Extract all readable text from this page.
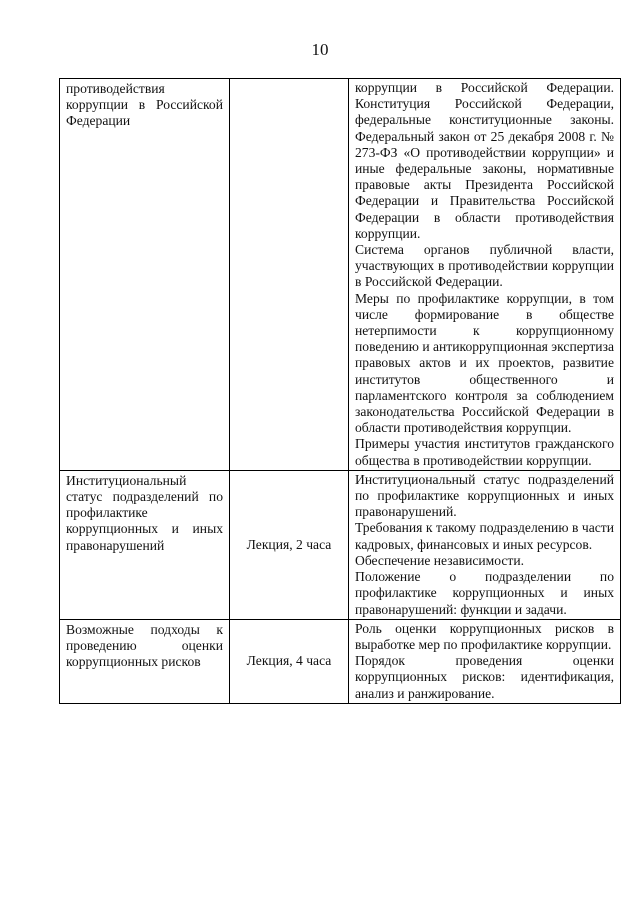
10
противодействия коррупции в Российской Федерации		коррупции в Российской Федерации. Конституция Российской Федерации, федеральные конституционные законы. Федеральный закон от 25 декабря 2008 г. № 273-ФЗ «О противодействии коррупции» и иные федеральные законы, нормативные правовые акты Президента Российской Федерации и Правительства Российской Федерации в области противодействия коррупции.

Система органов публичной власти, участвующих в противодействии коррупции в Российской Федерации.

Меры по профилактике коррупции, в том числе формирование в обществе нетерпимости к коррупционному поведению и антикоррупционная экспертиза правовых актов и их проектов, развитие институтов общественного и парламентского контроля за соблюдением законодательства Российской Федерации в области противодействия коррупции.

Примеры участия институтов гражданского общества в противодействии коррупции.

Институциональный статус подразделений по профилактике коррупционных и иных правонарушений	Лекция, 2 часа	Институциональный статус подразделений по профилактике коррупционных и иных правонарушений.

Требования к такому подразделению в части кадровых, финансовых и иных ресурсов.

Обеспечение независимости.

Положение о подразделении по профилактике коррупционных и иных правонарушений: функции и задачи.

Возможные подходы к проведению оценки коррупционных рисков	Лекция, 4 часа	Роль оценки коррупционных рисков в выработке мер по профилактике коррупции.

Порядок проведения оценки коррупционных рисков: идентификация, анализ и ранжирование.
